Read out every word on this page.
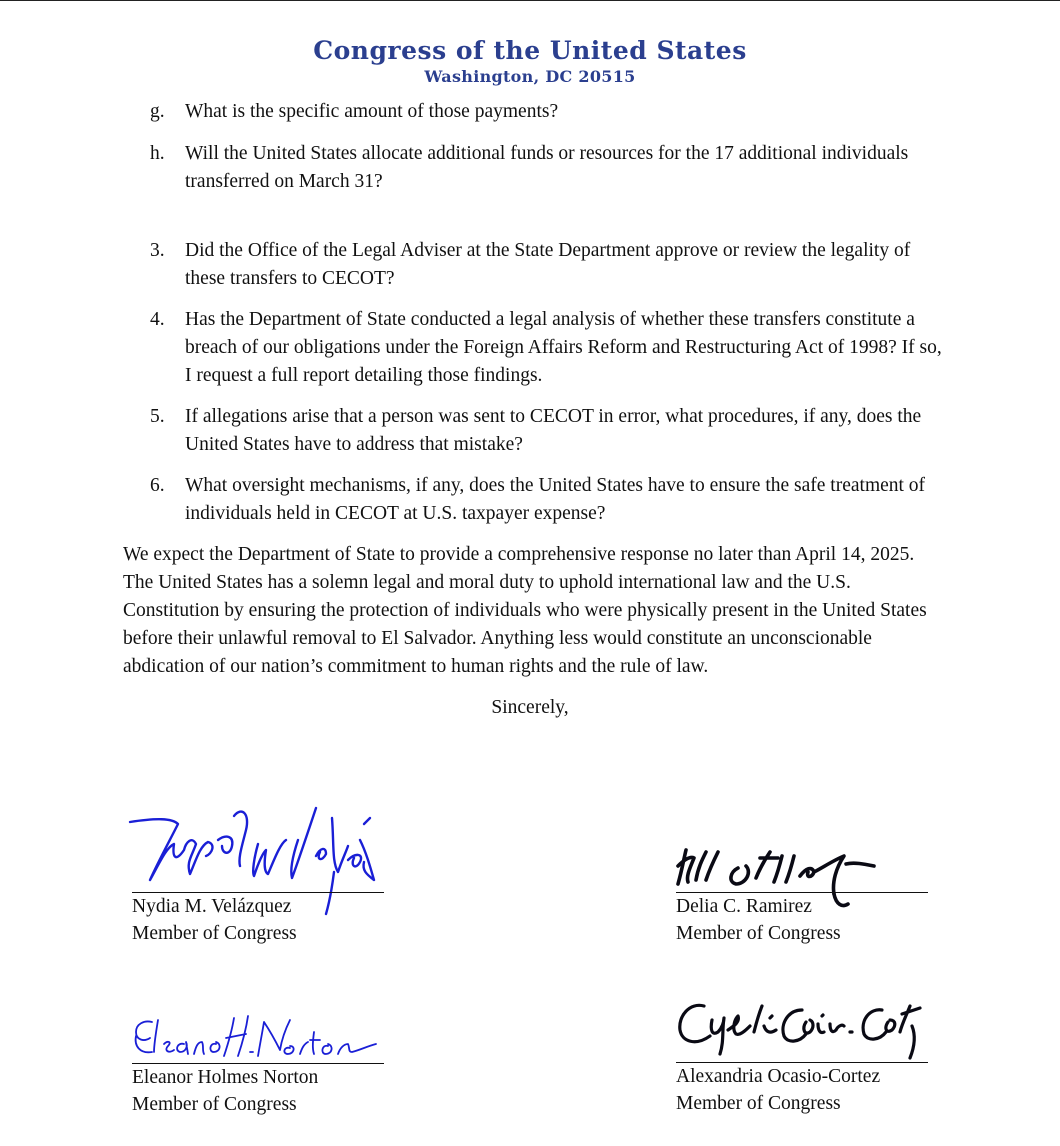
Congress of the United States
Washington, DC 20515
g.	What is the specific amount of those payments?
h.	Will the United States allocate additional funds or resources for the 17 additional individuals transferred on March 31?
3.	Did the Office of the Legal Adviser at the State Department approve or review the legality of these transfers to CECOT?
4.	Has the Department of State conducted a legal analysis of whether these transfers constitute a breach of our obligations under the Foreign Affairs Reform and Restructuring Act of 1998? If so, I request a full report detailing those findings.
5.	If allegations arise that a person was sent to CECOT in error, what procedures, if any, does the United States have to address that mistake?
6.	What oversight mechanisms, if any, does the United States have to ensure the safe treatment of individuals held in CECOT at U.S. taxpayer expense?
We expect the Department of State to provide a comprehensive response no later than April 14, 2025. The United States has a solemn legal and moral duty to uphold international law and the U.S. Constitution by ensuring the protection of individuals who were physically present in the United States before their unlawful removal to El Salvador. Anything less would constitute an unconscionable abdication of our nation’s commitment to human rights and the rule of law.
Sincerely,
Nydia M. Velázquez
Member of Congress
Delia C. Ramirez
Member of Congress
Eleanor Holmes Norton
Member of Congress
Alexandria Ocasio-Cortez
Member of Congress
